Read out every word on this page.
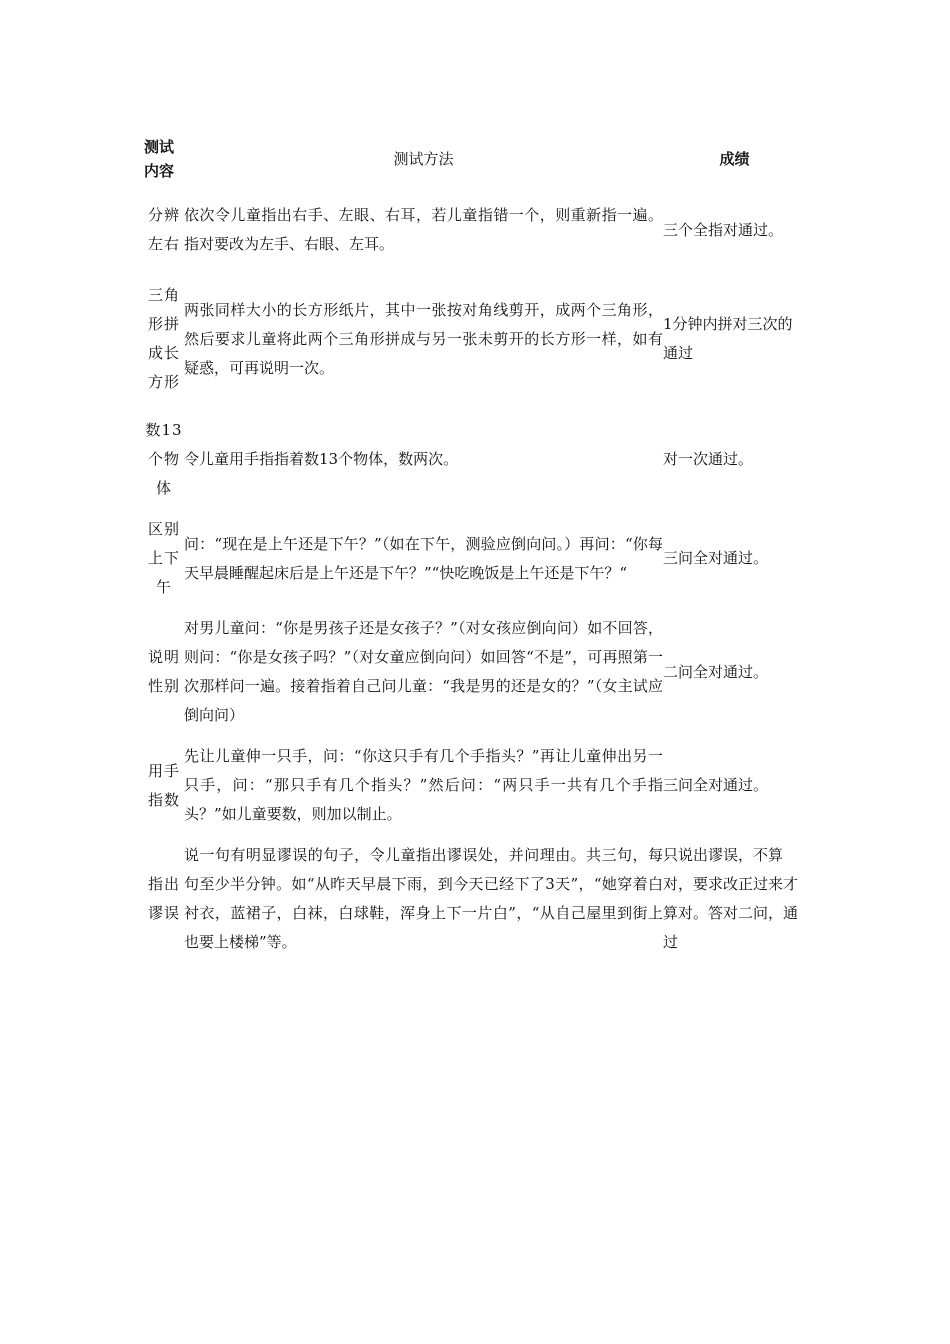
测试内容	测试方法	成绩

分辨左右	依次令儿童指出右手、左眼、右耳，若儿童指错一个，则重新指一遍。指对要改为左手、右眼、左耳。	三个全指对通过。

三角形拼成长方形	两张同样大小的长方形纸片，其中一张按对角线剪开，成两个三角形，然后要求儿童将此两个三角形拼成与另一张未剪开的长方形一样，如有疑惑，可再说明一次。	1分钟内拼对三次的通过

数13个物体	令儿童用手指指着数13个物体，数两次。	对一次通过。

区别上下午	问：“现在是上午还是下午？”（如在下午，测验应倒向问。）再问：“你每天早晨睡醒起床后是上午还是下午？”“快吃晚饭是上午还是下午？“	三问全对通过。

说明性别	对男儿童问：“你是男孩子还是女孩子？”（对女孩应倒向问）如不回答，则问：“你是女孩子吗？”（对女童应倒向问）如回答“不是”，可再照第一次那样问一遍。接着指着自己问儿童：“我是男的还是女的？”（女主试应倒向问）	二问全对通过。

用手指数	先让儿童伸一只手，问：“你这只手有几个手指头？”再让儿童伸出另一只手，问：“那只手有几个指头？”然后问：“两只手一共有几个手指头？”如儿童要数，则加以制止。	三问全对通过。

指出谬误	说一句有明显谬误的句子，令儿童指出谬误处，并问理由。共三句，每句至少半分钟。如“从昨天早晨下雨，到今天已经下了3天”，“她穿着白衬衣，蓝裙子，白袜，白球鞋，浑身上下一片白”，“从自己屋里到街上也要上楼梯”等。	只说出谬误，不算对，要求改正过来才算对。答对二问，通过
